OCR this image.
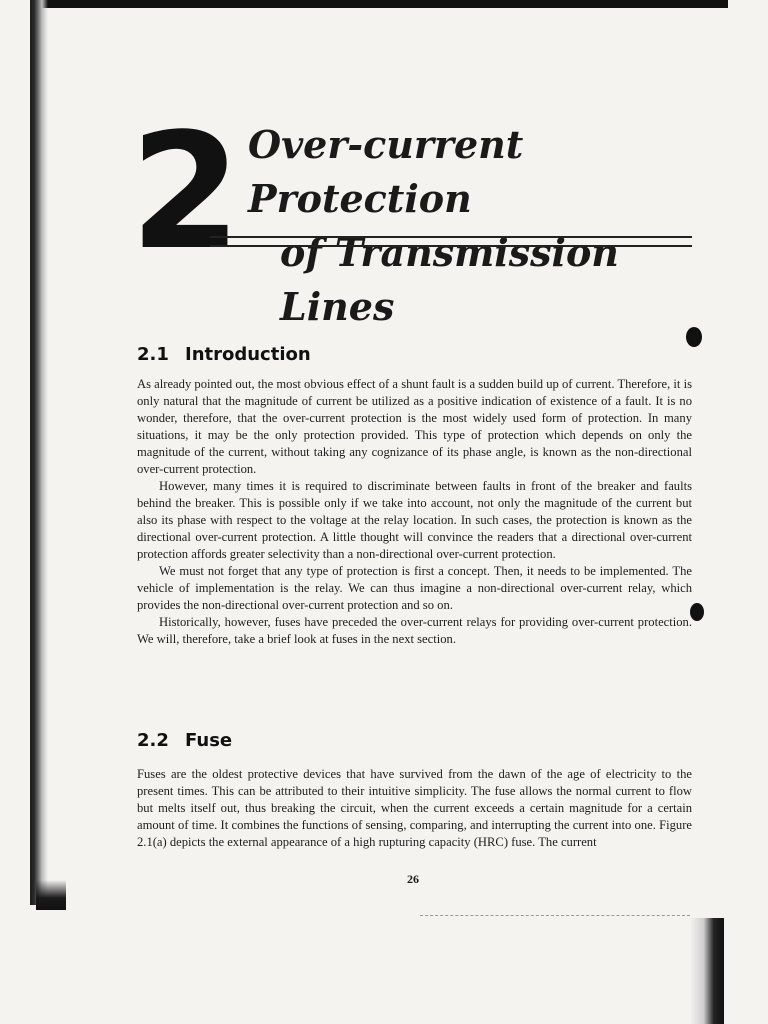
2 Over-current Protection
of Transmission Lines
2.1 Introduction

As already pointed out, the most obvious effect of a shunt fault is a sudden build up of current. Therefore, it is only natural that the magnitude of current be utilized as a positive indication of existence of a fault. It is no wonder, therefore, that the over-current protection is the most widely used form of protection. In many situations, it may be the only protection provided. This type of protection which depends on only the magnitude of the current, without taking any cognizance of its phase angle, is known as the non-directional over-current protection.

However, many times it is required to discriminate between faults in front of the breaker and faults behind the breaker. This is possible only if we take into account, not only the magnitude of the current but also its phase with respect to the voltage at the relay location. In such cases, the protection is known as the directional over-current protection. A little thought will convince the readers that a directional over-current protection affords greater selectivity than a non-directional over-current protection.

We must not forget that any type of protection is first a concept. Then, it needs to be implemented. The vehicle of implementation is the relay. We can thus imagine a non-directional over-current relay, which provides the non-directional over-current protection and so on.

Historically, however, fuses have preceded the over-current relays for providing over-current protection. We will, therefore, take a brief look at fuses in the next section.

2.2 Fuse

Fuses are the oldest protective devices that have survived from the dawn of the age of electricity to the present times. This can be attributed to their intuitive simplicity. The fuse allows the normal current to flow but melts itself out, thus breaking the circuit, when the current exceeds a certain magnitude for a certain amount of time. It combines the functions of sensing, comparing, and interrupting the current into one. Figure 2.1(a) depicts the external appearance of a high rupturing capacity (HRC) fuse. The current

26
